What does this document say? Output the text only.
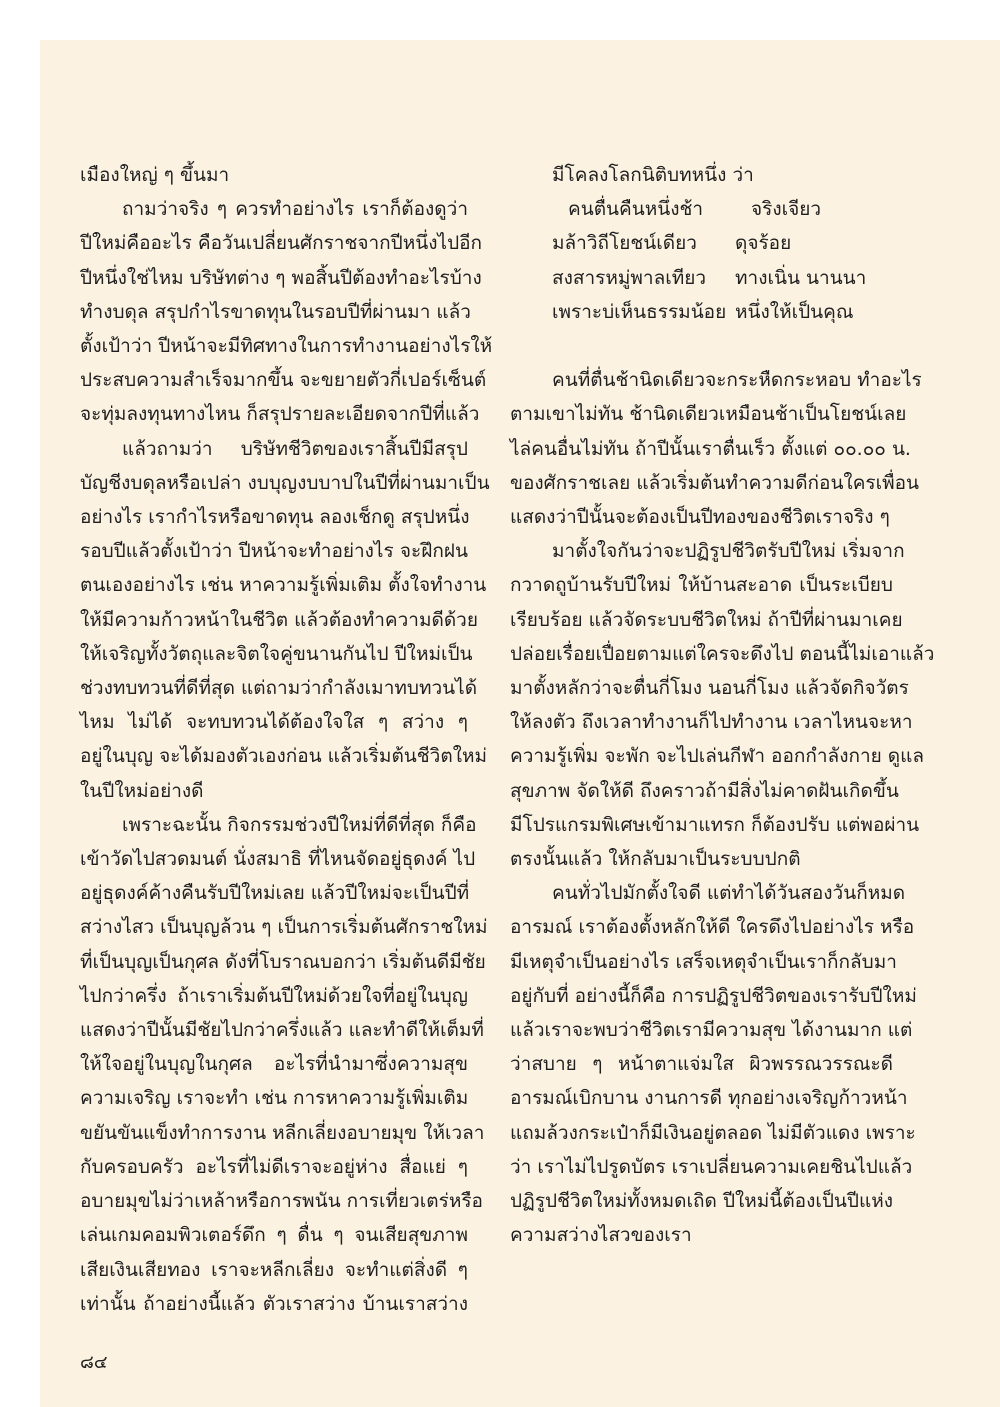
เมืองใหญ่ ๆ ขึ้นมา
ถามว่าจริง ๆ ควรทำอย่างไร เราก็ต้องดูว่า
ปีใหม่คืออะไร คือวันเปลี่ยนศักราชจากปีหนึ่งไปอีก
ปีหนึ่งใช่ไหม บริษัทต่าง ๆ พอสิ้นปีต้องทำอะไรบ้าง
ทำงบดุล สรุปกำไรขาดทุนในรอบปีที่ผ่านมา แล้ว
ตั้งเป้าว่า ปีหน้าจะมีทิศทางในการทำงานอย่างไรให้
ประสบความสำเร็จมากขึ้น จะขยายตัวกี่เปอร์เซ็นต์
จะทุ่มลงทุนทางไหน ก็สรุปรายละเอียดจากปีที่แล้ว
แล้วถามว่า บริษัทชีวิตของเราสิ้นปีมีสรุป
บัญชีงบดุลหรือเปล่า งบบุญงบบาปในปีที่ผ่านมาเป็น
อย่างไร เรากำไรหรือขาดทุน ลองเช็กดู สรุปหนึ่ง
รอบปีแล้วตั้งเป้าว่า ปีหน้าจะทำอย่างไร จะฝึกฝน
ตนเองอย่างไร เช่น หาความรู้เพิ่มเติม ตั้งใจทำงาน
ให้มีความก้าวหน้าในชีวิต แล้วต้องทำความดีด้วย
ให้เจริญทั้งวัตถุและจิตใจคู่ขนานกันไป ปีใหม่เป็น
ช่วงทบทวนที่ดีที่สุด แต่ถามว่ากำลังเมาทบทวนได้
ไหม ไม่ได้ จะทบทวนได้ต้องใจใส ๆ สว่าง ๆ
อยู่ในบุญ จะได้มองตัวเองก่อน แล้วเริ่มต้นชีวิตใหม่
ในปีใหม่อย่างดี
เพราะฉะนั้น กิจกรรมช่วงปีใหม่ที่ดีที่สุด ก็คือ
เข้าวัดไปสวดมนต์ นั่งสมาธิ ที่ไหนจัดอยู่ธุดงค์ ไป
อยู่ธุดงค์ค้างคืนรับปีใหม่เลย แล้วปีใหม่จะเป็นปีที่
สว่างไสว เป็นบุญล้วน ๆ เป็นการเริ่มต้นศักราชใหม่
ที่เป็นบุญเป็นกุศล ดังที่โบราณบอกว่า เริ่มต้นดีมีชัย
ไปกว่าครึ่ง ถ้าเราเริ่มต้นปีใหม่ด้วยใจที่อยู่ในบุญ
แสดงว่าปีนั้นมีชัยไปกว่าครึ่งแล้ว และทำดีให้เต็มที่
ให้ใจอยู่ในบุญในกุศล อะไรที่นำมาซึ่งความสุข
ความเจริญ เราจะทำ เช่น การหาความรู้เพิ่มเติม
ขยันขันแข็งทำการงาน หลีกเลี่ยงอบายมุข ให้เวลา
กับครอบครัว อะไรที่ไม่ดีเราจะอยู่ห่าง สื่อแย่ ๆ
อบายมุขไม่ว่าเหล้าหรือการพนัน การเที่ยวเตร่หรือ
เล่นเกมคอมพิวเตอร์ดึก ๆ ดื่น ๆ จนเสียสุขภาพ
เสียเงินเสียทอง เราจะหลีกเลี่ยง จะทำแต่สิ่งดี ๆ
เท่านั้น ถ้าอย่างนี้แล้ว ตัวเราสว่าง บ้านเราสว่าง
มีโคลงโลกนิติบทหนึ่ง ว่า
คนตื่นคืนหนึ่งช้า	จริงเจียว
มล้าวิถีโยชน์เดียว	ดุจร้อย
สงสารหมู่พาลเทียว	ทางเนิ่น นานนา
เพราะบ่เห็นธรรมน้อย หนึ่งให้เป็นคุณ
คนที่ตื่นช้านิดเดียวจะกระหืดกระหอบ ทำอะไร
ตามเขาไม่ทัน ช้านิดเดียวเหมือนช้าเป็นโยชน์เลย
ไล่คนอื่นไม่ทัน ถ้าปีนั้นเราตื่นเร็ว ตั้งแต่ ๐๐.๐๐ น.
ของศักราชเลย แล้วเริ่มต้นทำความดีก่อนใครเพื่อน
แสดงว่าปีนั้นจะต้องเป็นปีทองของชีวิตเราจริง ๆ
มาตั้งใจกันว่าจะปฏิรูปชีวิตรับปีใหม่ เริ่มจาก
กวาดถูบ้านรับปีใหม่ ให้บ้านสะอาด เป็นระเบียบ
เรียบร้อย แล้วจัดระบบชีวิตใหม่ ถ้าปีที่ผ่านมาเคย
ปล่อยเรื่อยเปื่อยตามแต่ใครจะดึงไป ตอนนี้ไม่เอาแล้ว
มาตั้งหลักว่าจะตื่นกี่โมง นอนกี่โมง แล้วจัดกิจวัตร
ให้ลงตัว ถึงเวลาทำงานก็ไปทำงาน เวลาไหนจะหา
ความรู้เพิ่ม จะพัก จะไปเล่นกีฬา ออกกำลังกาย ดูแล
สุขภาพ จัดให้ดี ถึงคราวถ้ามีสิ่งไม่คาดฝันเกิดขึ้น
มีโปรแกรมพิเศษเข้ามาแทรก ก็ต้องปรับ แต่พอผ่าน
ตรงนั้นแล้ว ให้กลับมาเป็นระบบปกติ
คนทั่วไปมักตั้งใจดี แต่ทำได้วันสองวันก็หมด
อารมณ์ เราต้องตั้งหลักให้ดี ใครดึงไปอย่างไร หรือ
มีเหตุจำเป็นอย่างไร เสร็จเหตุจำเป็นเราก็กลับมา
อยู่กับที่ อย่างนี้ก็คือ การปฏิรูปชีวิตของเรารับปีใหม่
แล้วเราจะพบว่าชีวิตเรามีความสุข ได้งานมาก แต่
ว่าสบาย ๆ หน้าตาแจ่มใส ผิวพรรณวรรณะดี
อารมณ์เบิกบาน งานการดี ทุกอย่างเจริญก้าวหน้า
แถมล้วงกระเป๋าก็มีเงินอยู่ตลอด ไม่มีตัวแดง เพราะ
ว่า เราไม่ไปรูดบัตร เราเปลี่ยนความเคยชินไปแล้ว
ปฏิรูปชีวิตใหม่ทั้งหมดเถิด ปีใหม่นี้ต้องเป็นปีแห่ง
ความสว่างไสวของเรา
๘๔
